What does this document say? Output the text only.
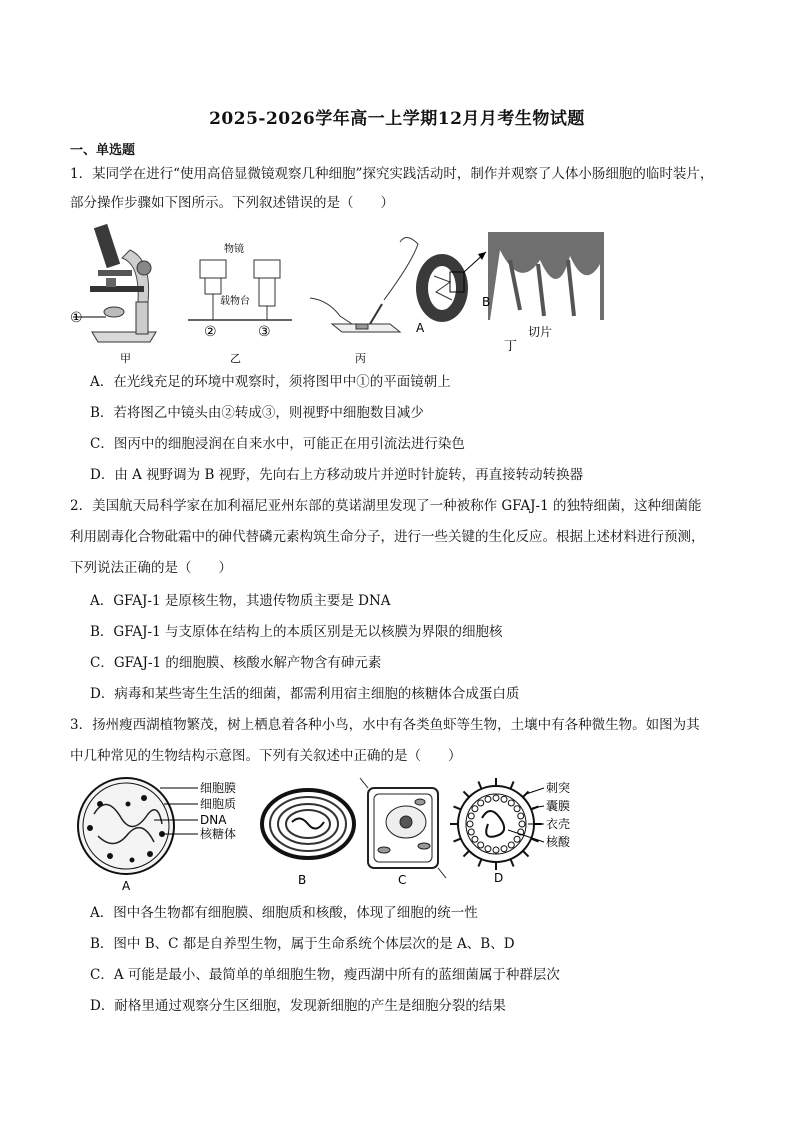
2025-2026学年高一上学期12月月考生物试题
一、单选题
1．某同学在进行“使用高倍显微镜观察几种细胞”探究实践活动时，制作并观察了人体小肠细胞的临时装片，
部分操作步骤如下图所示。下列叙述错误的是（　　）
①
甲
物镜
载物台
②	③
乙	丙
A
B
切片
丁
A．在光线充足的环境中观察时，须将图甲中①的平面镜朝上
B．若将图乙中镜头由②转成③，则视野中细胞数目减少
C．图丙中的细胞浸润在自来水中，可能正在用引流法进行染色
D．由 A 视野调为 B 视野，先向右上方移动玻片并逆时针旋转，再直接转动转换器
2．美国航天局科学家在加利福尼亚州东部的莫诺湖里发现了一种被称作 GFAJ-1 的独特细菌，这种细菌能
利用剧毒化合物砒霜中的砷代替磷元素构筑生命分子，进行一些关键的生化反应。根据上述材料进行预测，
下列说法正确的是（　　）
A．GFAJ-1 是原核生物，其遗传物质主要是 DNA
B．GFAJ-1 与支原体在结构上的本质区别是无以核膜为界限的细胞核
C．GFAJ-1 的细胞膜、核酸水解产物含有砷元素
D．病毒和某些寄生生活的细菌，都需利用宿主细胞的核糖体合成蛋白质
3．扬州瘦西湖植物繁茂，树上栖息着各种小鸟，水中有各类鱼虾等生物，土壤中有各种微生物。如图为其
中几种常见的生物结构示意图。下列有关叙述中正确的是（　　）
细胞膜
细胞质
DNA
核糖体
A	B	C
刺突
囊膜
衣壳
核酸
D
A．图中各生物都有细胞膜、细胞质和核酸，体现了细胞的统一性
B．图中 B、C 都是自养型生物，属于生命系统个体层次的是 A、B、D
C．A 可能是最小、最简单的单细胞生物，瘦西湖中所有的蓝细菌属于种群层次
D．耐格里通过观察分生区细胞，发现新细胞的产生是细胞分裂的结果
